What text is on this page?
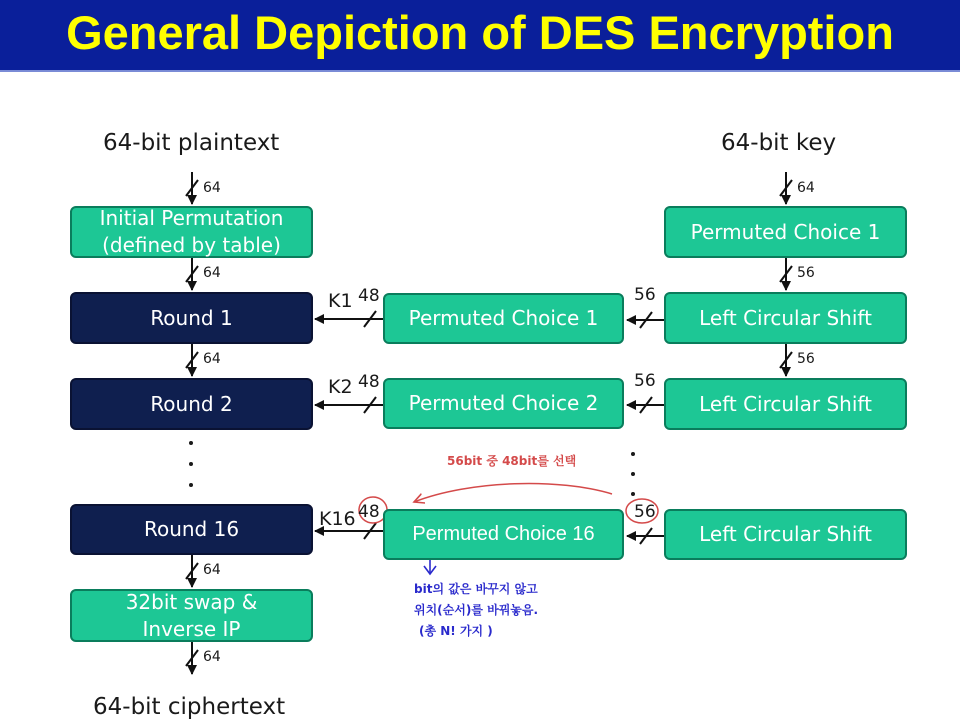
General Depiction of DES Encryption
64-bit plaintext	64-bit key
Initial Permutation
(defined by table)
Round 1
Round 2
Round 16
32bit swap &
Inverse IP
Permuted Choice 1
Permuted Choice 2
Permuted Choice 16
Permuted Choice 1
Left Circular Shift
Left Circular Shift
Left Circular Shift
64
64
64
64
64
64
56
56
56
56
56
48
48
48
K1
K2
K16
64-bit ciphertext
56bit 중 48bit를 선택
bit의 값은 바꾸지 않고
위치(순서)를 바꿔놓음.
(총 N! 가지 )
